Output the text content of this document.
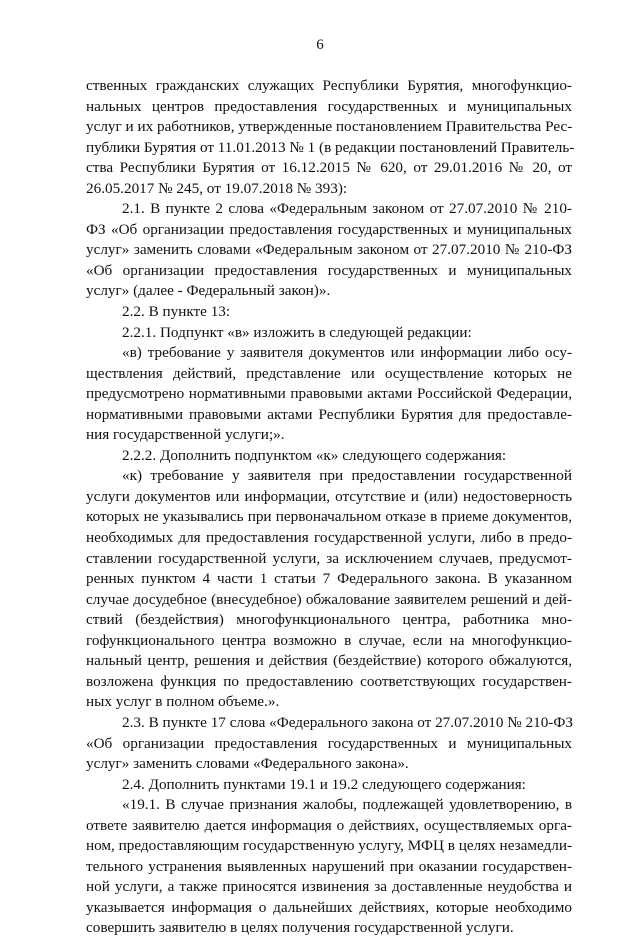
6
ственных гражданских служащих Республики Бурятия, многофункцио-
нальных центров предоставления государственных и муниципальных
услуг и их работников, утвержденные постановлением Правительства Рес-
публики Бурятия от 11.01.2013 № 1 (в редакции постановлений Правитель-
ства Республики Бурятия от 16.12.2015 № 620, от 29.01.2016 № 20, от
26.05.2017 № 245, от 19.07.2018 № 393):
2.1. В пункте 2 слова «Федеральным законом от 27.07.2010 № 210-
ФЗ «Об организации предоставления государственных и муниципальных
услуг» заменить словами «Федеральным законом от 27.07.2010 № 210-ФЗ
«Об организации предоставления государственных и муниципальных
услуг» (далее - Федеральный закон)».
2.2. В пункте 13:
2.2.1. Подпункт «в» изложить в следующей редакции:
«в) требование у заявителя документов или информации либо осу-
ществления действий, представление или осуществление которых не
предусмотрено нормативными правовыми актами Российской Федерации,
нормативными правовыми актами Республики Бурятия для предоставле-
ния государственной услуги;».
2.2.2. Дополнить подпунктом «к» следующего содержания:
«к) требование у заявителя при предоставлении государственной
услуги документов или информации, отсутствие и (или) недостоверность
которых не указывались при первоначальном отказе в приеме документов,
необходимых для предоставления государственной услуги, либо в предо-
ставлении государственной услуги, за исключением случаев, предусмот-
ренных пунктом 4 части 1 статьи 7 Федерального закона. В указанном
случае досудебное (внесудебное) обжалование заявителем решений и дей-
ствий (бездействия) многофункционального центра, работника мно-
гофункционального центра возможно в случае, если на многофункцио-
нальный центр, решения и действия (бездействие) которого обжалуются,
возложена функция по предоставлению соответствующих государствен-
ных услуг в полном объеме.».
2.3. В пункте 17 слова «Федерального закона от 27.07.2010 № 210-ФЗ
«Об организации предоставления государственных и муниципальных
услуг» заменить словами «Федерального закона».
2.4. Дополнить пунктами 19.1 и 19.2 следующего содержания:
«19.1. В случае признания жалобы, подлежащей удовлетворению, в
ответе заявителю дается информация о действиях, осуществляемых орга-
ном, предоставляющим государственную услугу, МФЦ в целях незамедли-
тельного устранения выявленных нарушений при оказании государствен-
ной услуги, а также приносятся извинения за доставленные неудобства и
указывается информация о дальнейших действиях, которые необходимо
совершить заявителю в целях получения государственной услуги.
